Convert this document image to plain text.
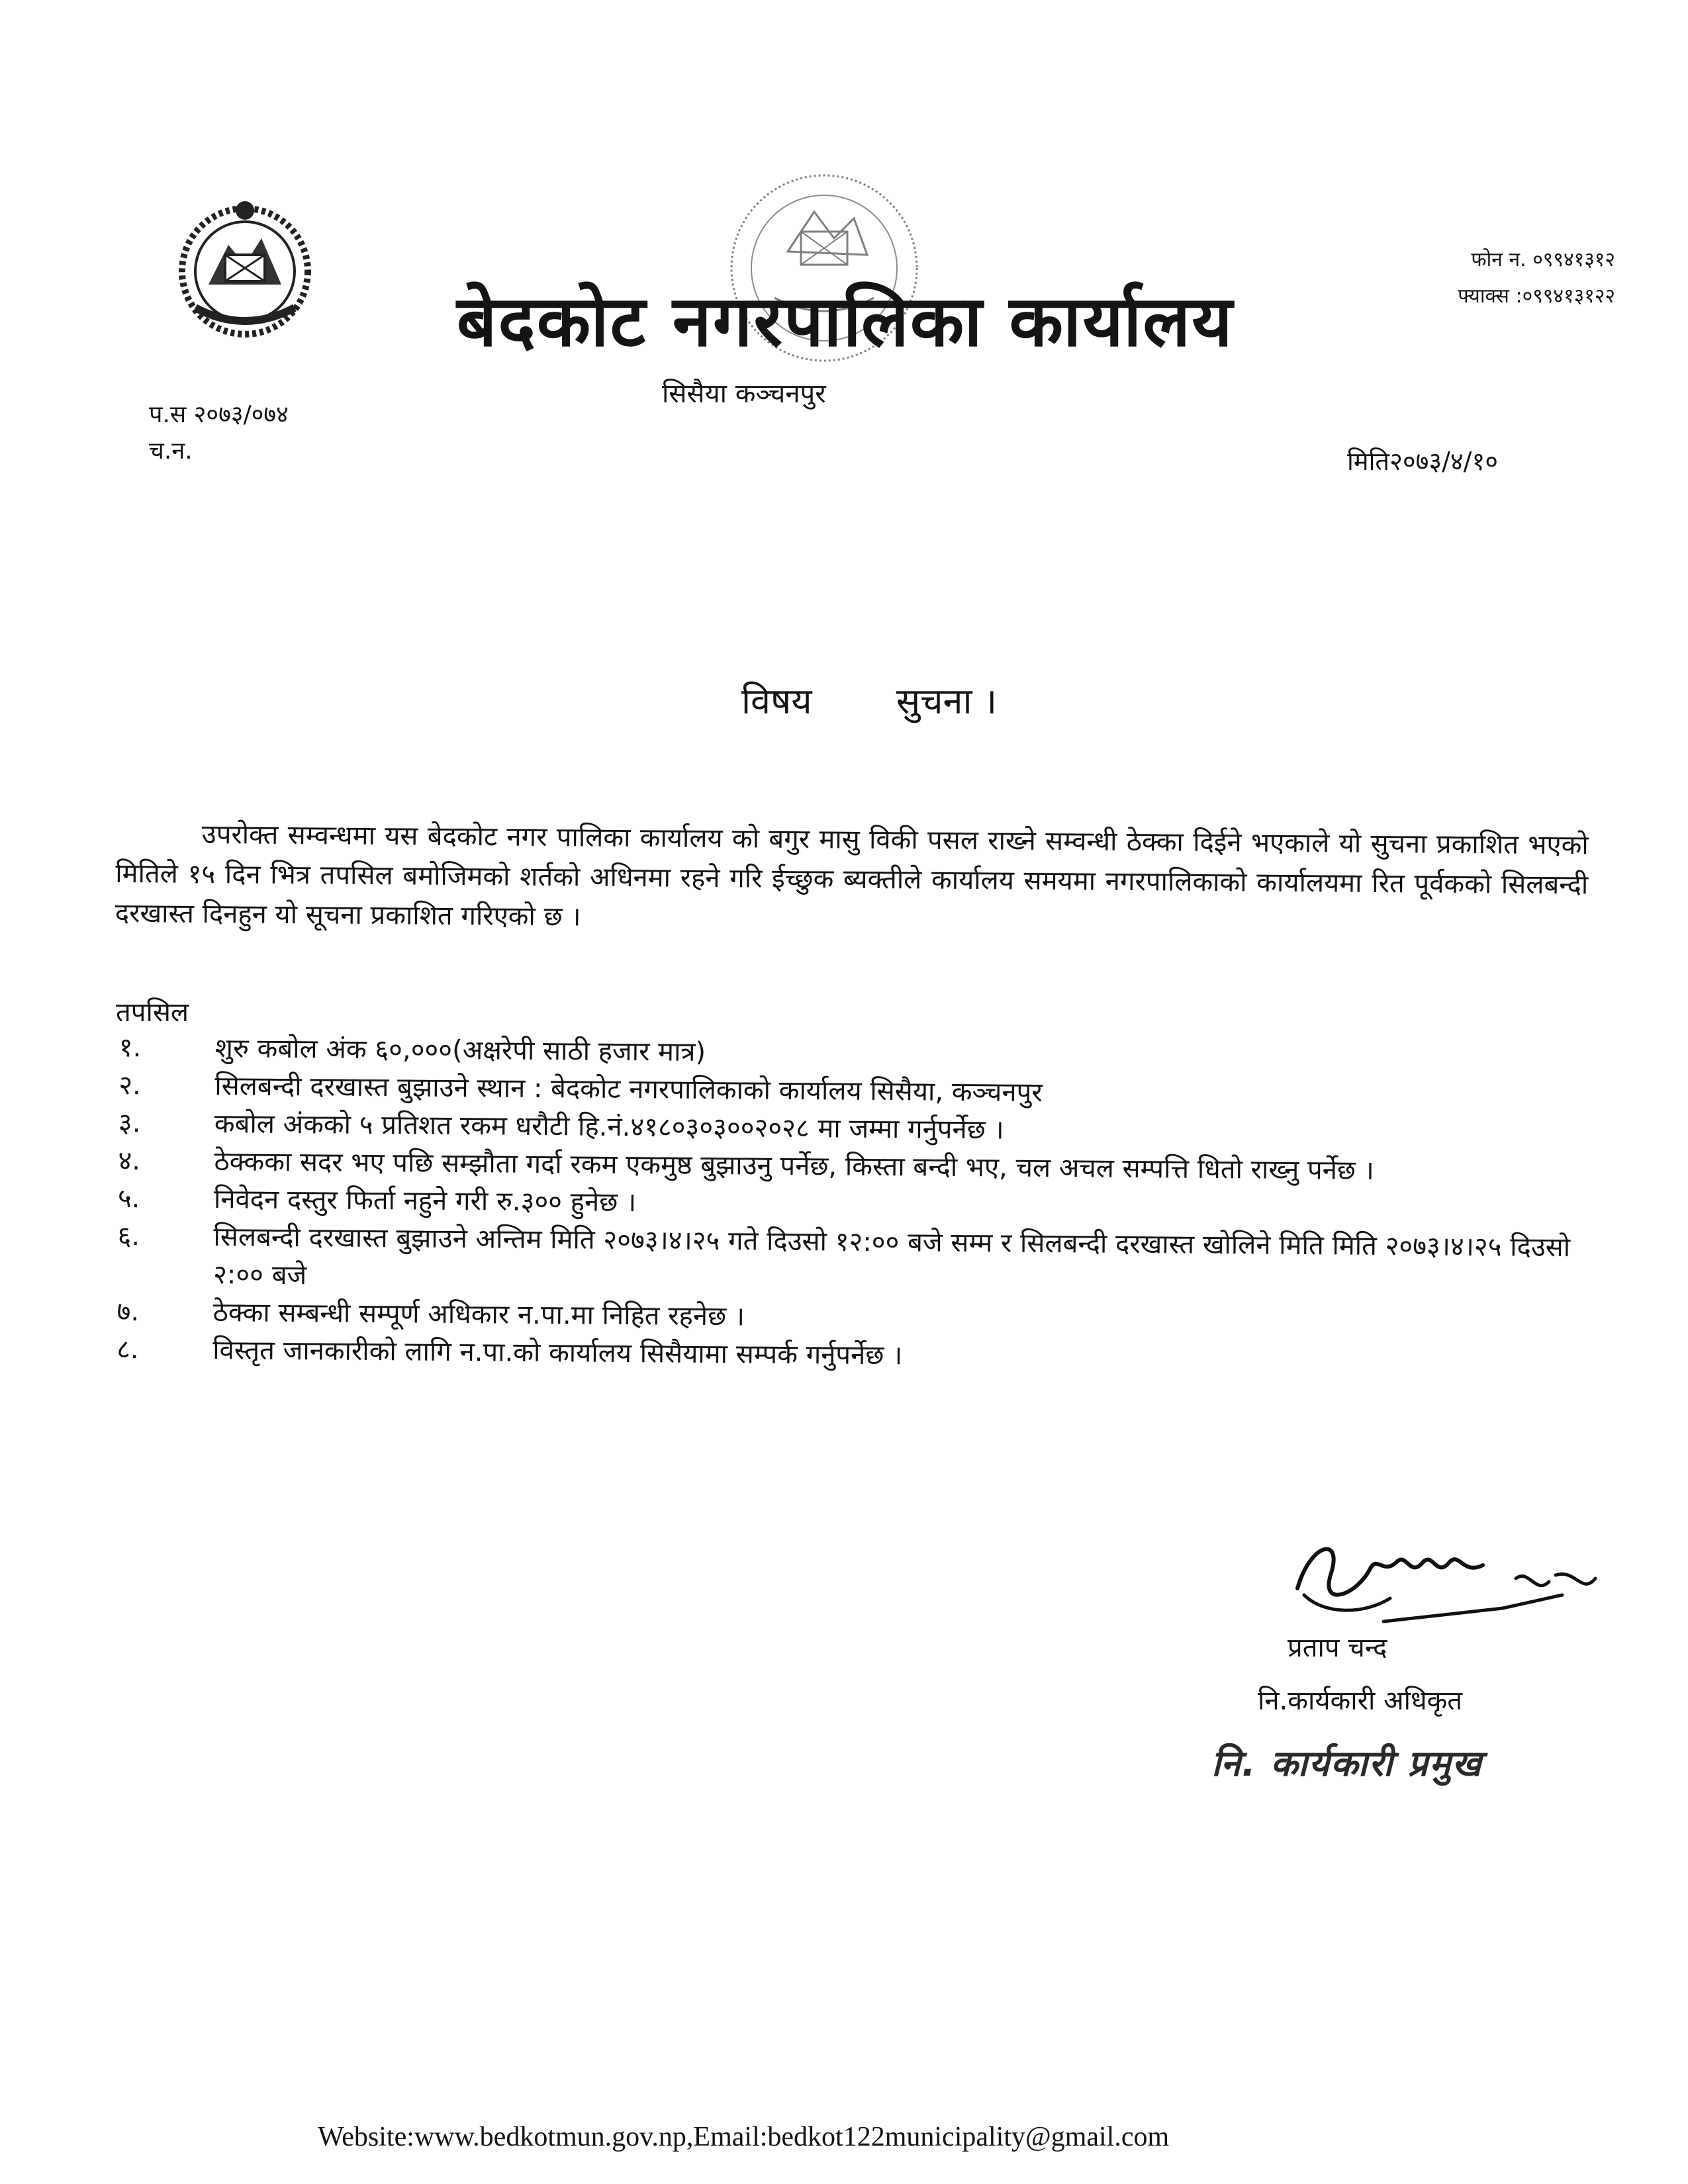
बेदकोट नगरपालिका कार्यालय
सिसैया कञ्चनपुर
फोन न. ०९९४१३१२
फ्याक्स :०९९४१३१२२
प.स २०७३/०७४
च.न.	मिति२०७३/४/१०
विषय सुचना ।
उपरोक्त सम्वन्धमा यस बेदकोट नगर पालिका कार्यालय को बगुर मासु विकी पसल राख्ने सम्वन्धी ठेक्का दिईने भएकाले यो सुचना प्रकाशित भएको मितिले १५ दिन भित्र तपसिल बमोजिमको शर्तको अधिनमा रहने गरि ईच्छुक ब्यक्तीले कार्यालय समयमा नगरपालिकाको कार्यालयमा रित पूर्वकको सिलबन्दी दरखास्त दिनहुन यो सूचना प्रकाशित गरिएको छ ।
तपसिल
१.	शुरु कबोल अंक ६०,०००(अक्षरेपी साठी हजार मात्र)
२.	सिलबन्दी दरखास्त बुझाउने स्थान : बेदकोट नगरपालिकाको कार्यालय सिसैया, कञ्चनपुर
३.	कबोल अंकको ५ प्रतिशत रकम धरौटी हि.नं.४१८०३०३००२०२८ मा जम्मा गर्नुपर्नेछ ।
४.	ठेक्कका सदर भए पछि सम्झौता गर्दा रकम एकमुष्ठ बुझाउनु पर्नेछ, किस्ता बन्दी भए, चल अचल सम्पत्ति धितो राख्नु पर्नेछ ।
५.	निवेदन दस्तुर फिर्ता नहुने गरी रु.३०० हुनेछ ।
६.	सिलबन्दी दरखास्त बुझाउने अन्तिम मिति २०७३।४।२५ गते दिउसो १२:०० बजे सम्म र सिलबन्दी दरखास्त खोलिने मिति मिति २०७३।४।२५ दिउसो २:०० बजे
७.	ठेक्का सम्बन्धी सम्पूर्ण अधिकार न.पा.मा निहित रहनेछ ।
८.	विस्तृत जानकारीको लागि न.पा.को कार्यालय सिसैयामा सम्पर्क गर्नुपर्नेछ ।
प्रताप चन्द
नि.कार्यकारी अधिकृत
नि. कार्यकारी प्रमुख
Website:www.bedkotmun.gov.np,Email:bedkot122municipality@gmail.com
